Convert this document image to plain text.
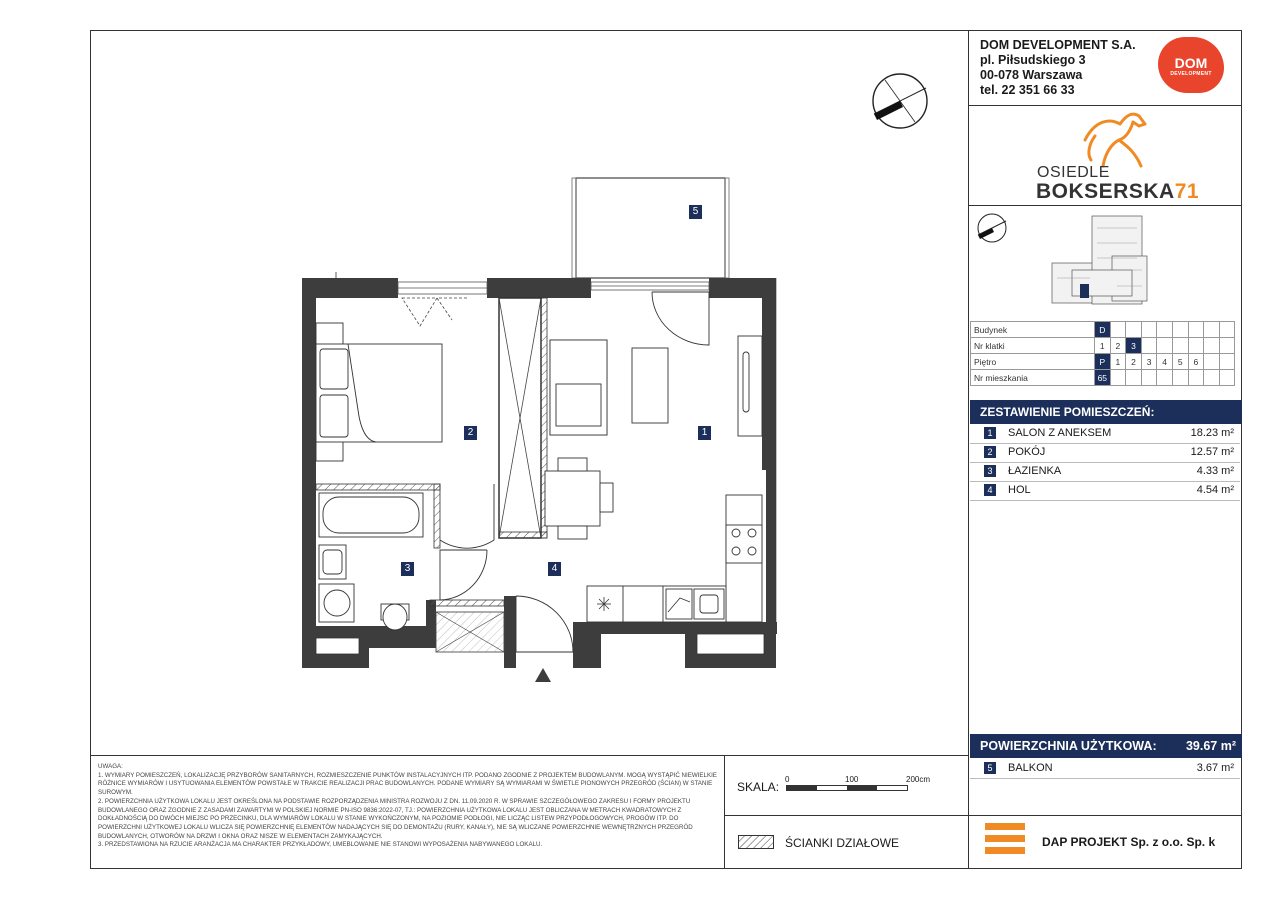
5
2	1
3	4
DOM DEVELOPMENT S.A.
pl. Piłsudskiego 3
00-078 Warszawa
tel. 22 351 66 33
DOM
DEVELOPMENT
OSIEDLE
BOKSERSKA71
Budynek	D								
Nr klatki	1	2	3						
Piętro	P	1	2	3	4	5	6		
Nr mieszkania	65								
ZESTAWIENIE POMIESZCZEŃ:
1	SALON Z ANEKSEM	18.23 m²
2	POKÓJ	12.57 m²
3	ŁAZIENKA	4.33 m²
4	HOL	4.54 m²
POWIERZCHNIA UŻYTKOWA: 39.67 m²
5	BALKON	3.67 m²
DAP PROJEKT Sp. z o.o. Sp. k
UWAGA:
1. WYMIARY POMIESZCZEŃ, LOKALIZACJĘ PRZYBORÓW SANITARNYCH, ROZMIESZCZENIE PUNKTÓW INSTALACYJNYCH ITP. PODANO ZGODNIE Z PROJEKTEM BUDOWLANYM. MOGĄ WYSTĄPIĆ NIEWIELKIE RÓŻNICE WYMIARÓW I USYTUOWANIA ELEMENTÓW POWSTAŁE W TRAKCIE REALIZACJI PRAC BUDOWLANYCH. PODANE WYMIARY SĄ WYMIARAMI W ŚWIETLE PIONOWYCH PRZEGRÓD (ŚCIAN) W STANIE SUROWYM.
2. POWIERZCHNIA UŻYTKOWA LOKALU JEST OKREŚLONA NA PODSTAWIE ROZPORZĄDZENIA MINISTRA ROZWOJU Z DN. 11.09.2020 R. W SPRAWIE SZCZEGÓŁOWEGO ZAKRESU I FORMY PROJEKTU BUDOWLANEGO ORAZ ZGODNIE Z ZASADAMI ZAWARTYMI W POLSKIEJ NORMIE PN-ISO 9836:2022-07, TJ.: POWIERZCHNIA UŻYTKOWA LOKALU JEST OBLICZANA W METRACH KWADRATOWYCH Z DOKŁADNOŚCIĄ DO DWÓCH MIEJSC PO PRZECINKU, DLA WYMIARÓW LOKALU W STANIE WYKOŃCZONYM, NA POZIOMIE PODŁOGI, NIE LICZĄC LISTEW PRZYPODŁOGOWYCH, PROGÓW ITP. DO POWIERZCHNI UŻYTKOWEJ LOKALU WLICZA SIĘ POWIERZCHNIĘ ELEMENTÓW NADAJĄCYCH SIĘ DO DEMONTAŻU (RURY, KANAŁY), NIE SĄ WLICZANE POWIERZCHNIE WEWNĘTRZNYCH PRZEGRÓD BUDOWLANYCH, OTWORÓW NA DRZWI I OKNA ORAZ NISZE W ELEMENTACH ZAMYKAJĄCYCH.
3. PRZEDSTAWIONA NA RZUCIE ARANŻACJA MA CHARAKTER PRZYKŁADOWY, UMEBLOWANIE NIE STANOWI WYPOSAŻENIA NABYWANEGO LOKALU.
SKALA:
0	100	200cm
ŚCIANKI DZIAŁOWE
